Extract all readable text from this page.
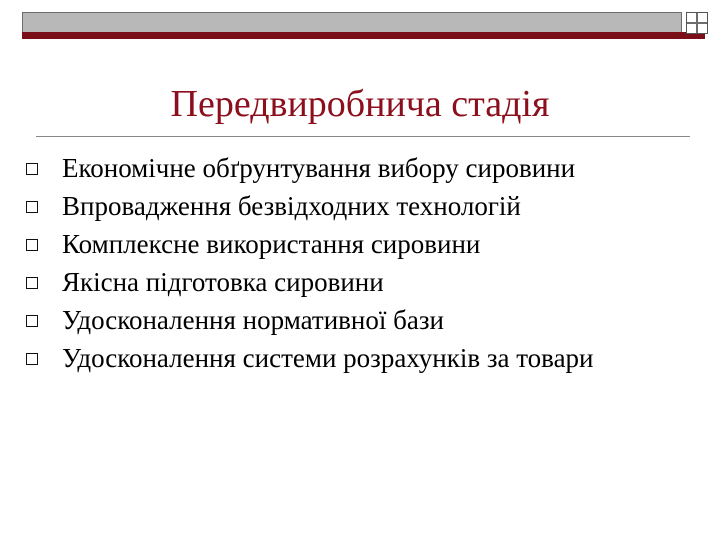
Передвиробнича стадія
Економічне обґрунтування вибору сировини
Впровадження безвідходних технологій
Комплексне використання сировини
Якісна підготовка сировини
Удосконалення нормативної бази
Удосконалення системи розрахунків за товари
